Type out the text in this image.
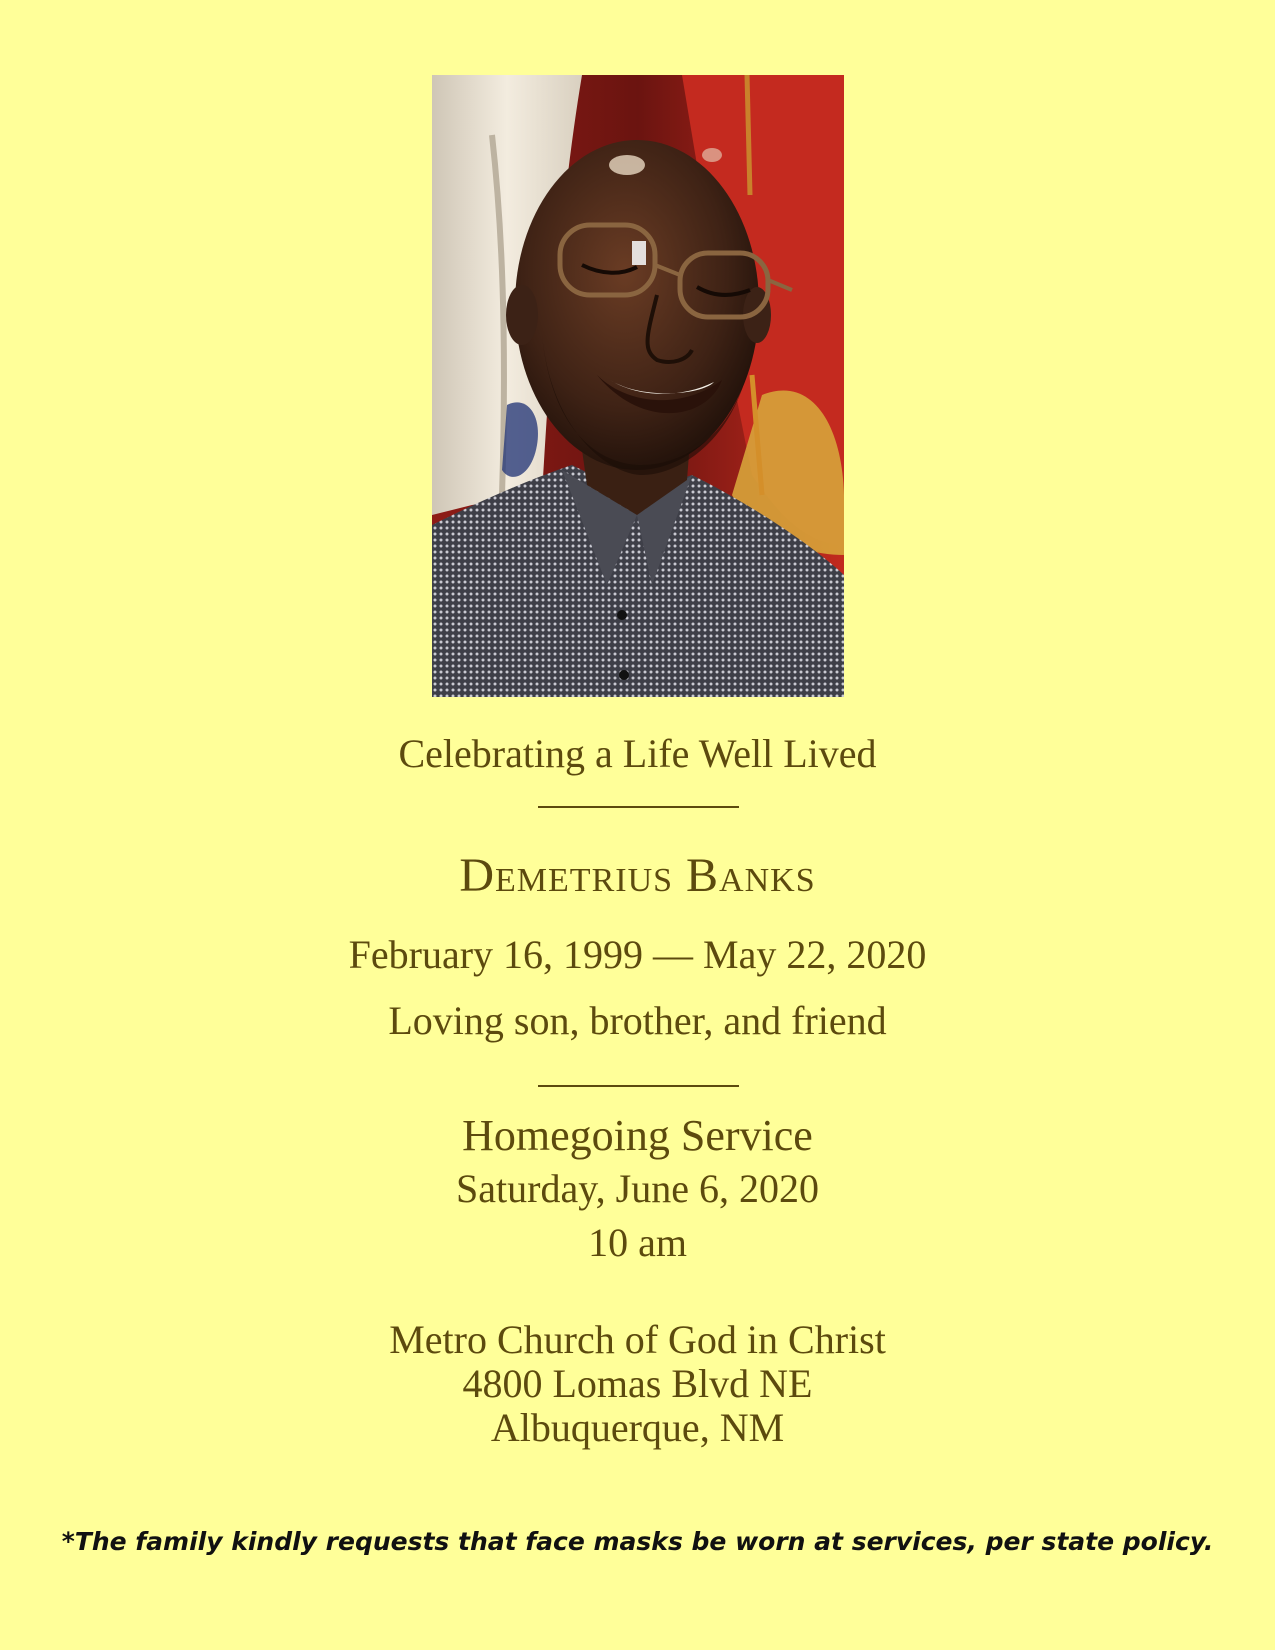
Celebrating a Life Well Lived
Demetrius Banks
February 16, 1999 — May 22, 2020
Loving son, brother, and friend
Homegoing Service
Saturday, June 6, 2020
10 am
Metro Church of God in Christ
4800 Lomas Blvd NE
Albuquerque, NM
*The family kindly requests that face masks be worn at services, per state policy.
